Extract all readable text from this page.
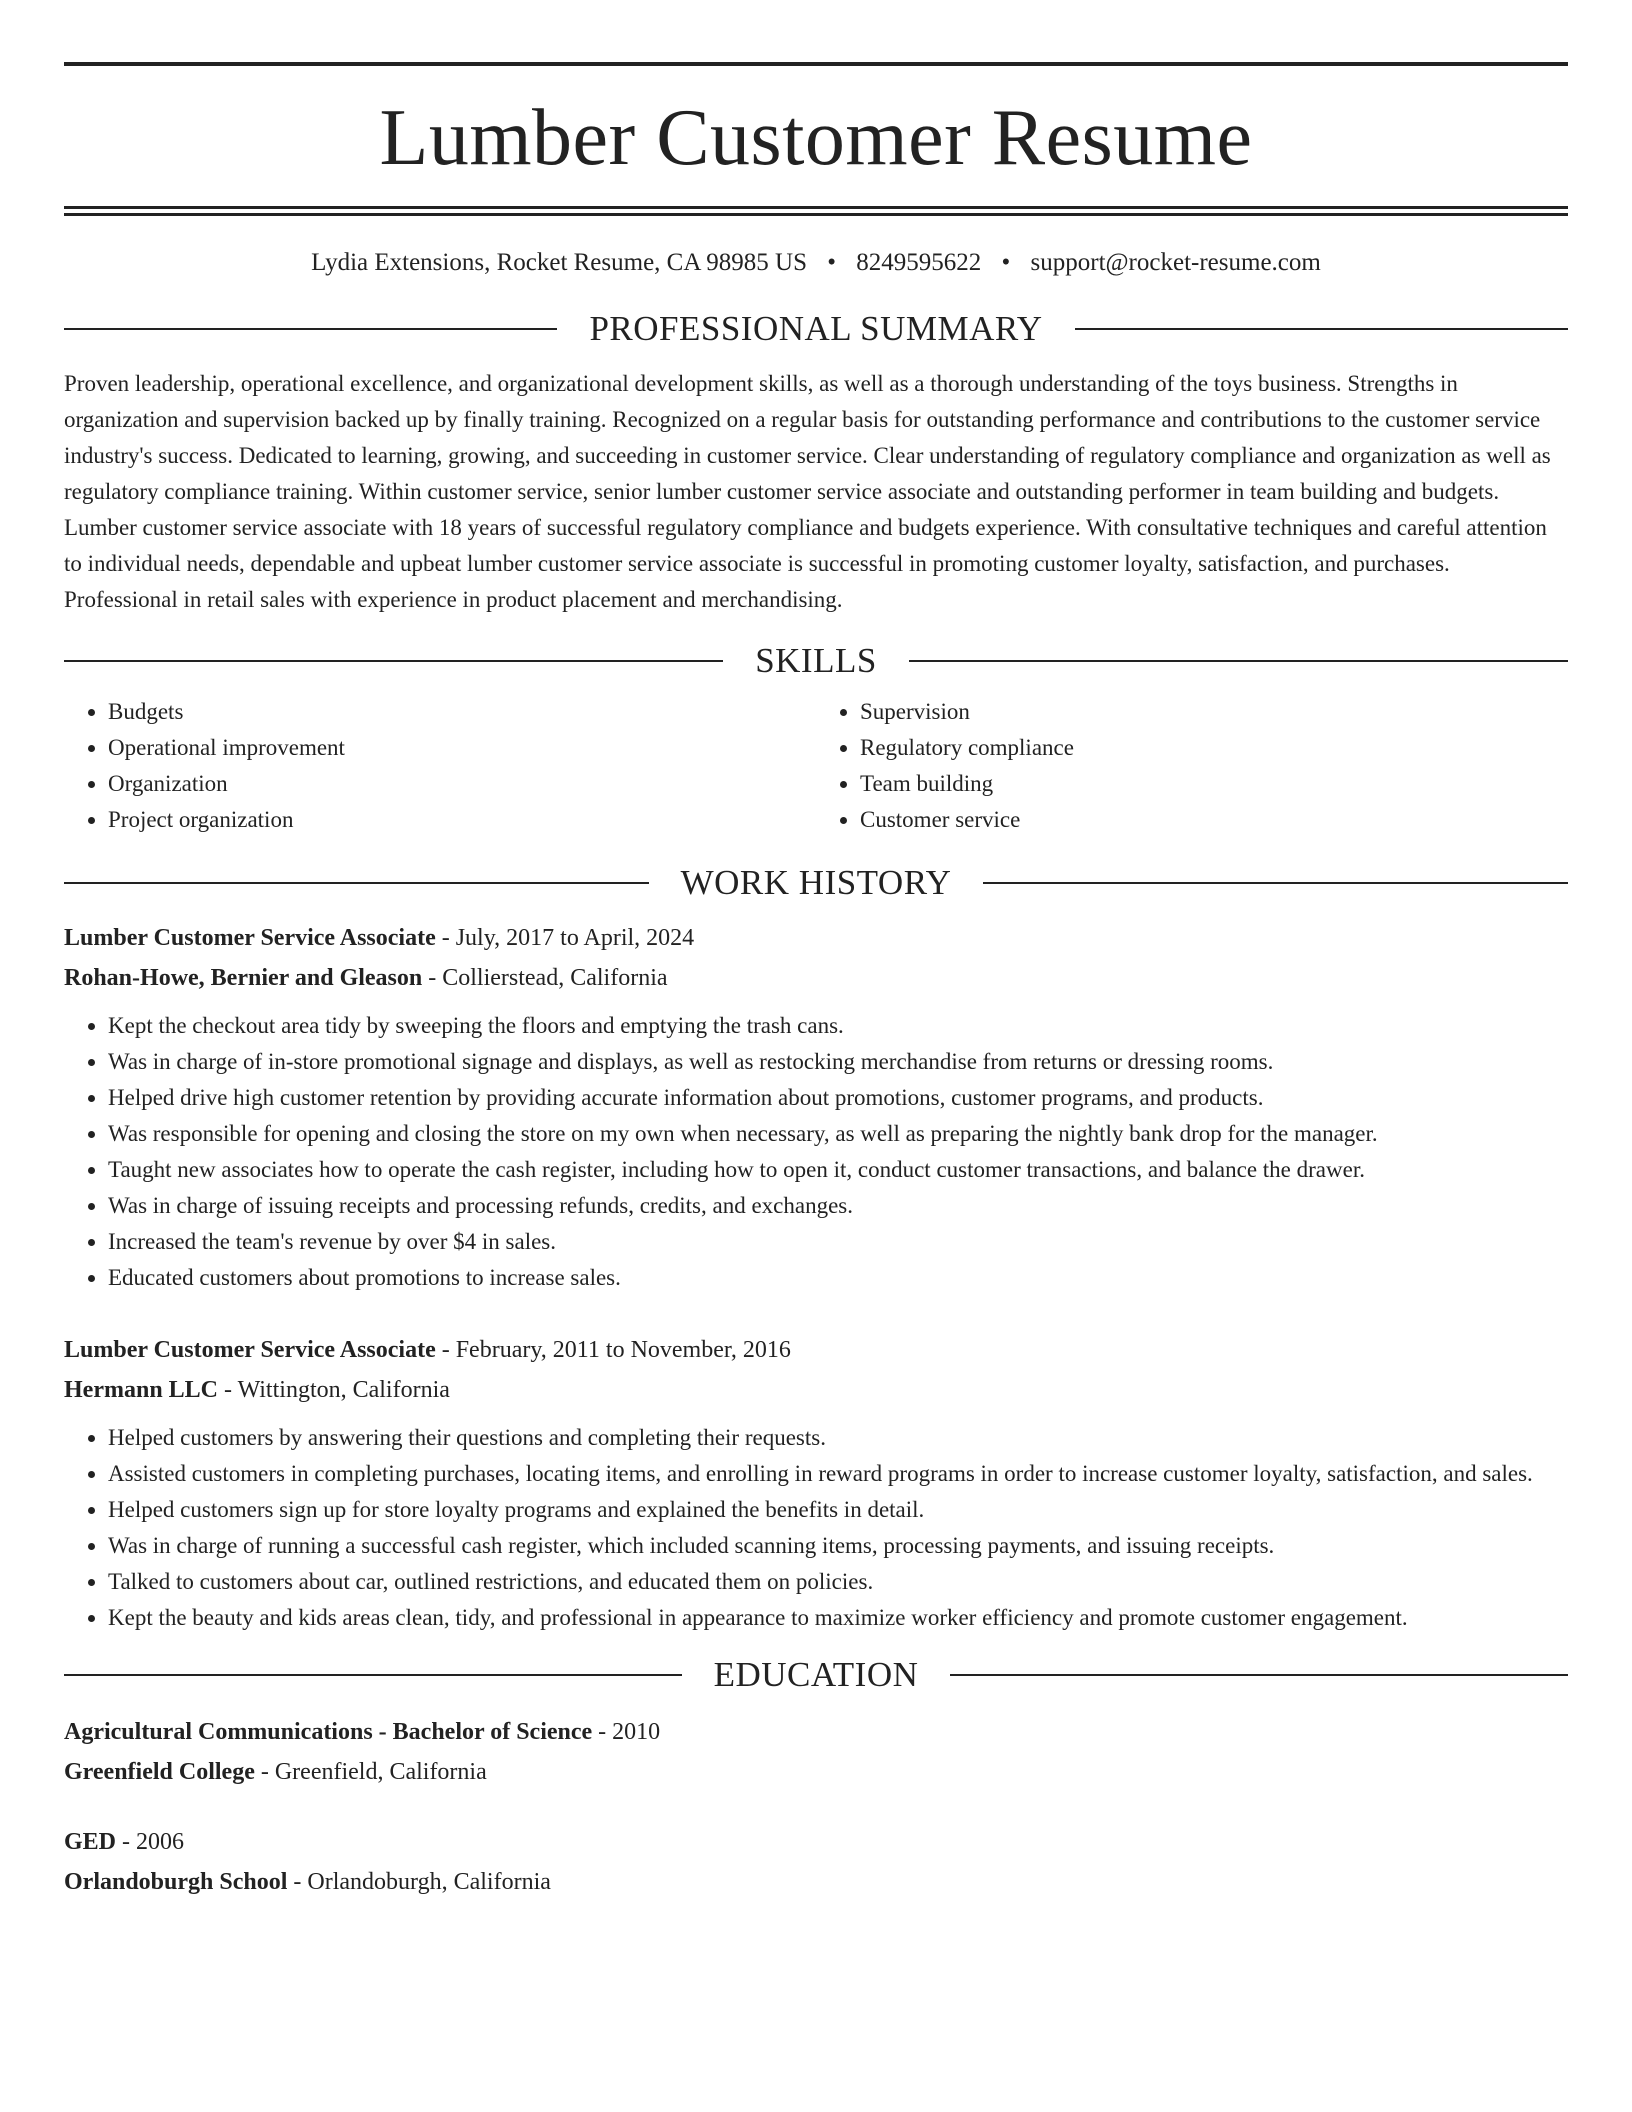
Lumber Customer Resume
Lydia Extensions, Rocket Resume, CA 98985 US • 8249595622 • support@rocket-resume.com
PROFESSIONAL SUMMARY

Proven leadership, operational excellence, and organizational development skills, as well as a thorough understanding of the toys business. Strengths in organization and supervision backed up by finally training. Recognized on a regular basis for outstanding performance and contributions to the customer service industry's success. Dedicated to learning, growing, and succeeding in customer service. Clear understanding of regulatory compliance and organization as well as regulatory compliance training. Within customer service, senior lumber customer service associate and outstanding performer in team building and budgets. Lumber customer service associate with 18 years of successful regulatory compliance and budgets experience. With consultative techniques and careful attention to individual needs, dependable and upbeat lumber customer service associate is successful in promoting customer loyalty, satisfaction, and purchases. Professional in retail sales with experience in product placement and merchandising.

SKILLS
• Budgets
• Operational improvement
• Organization
• Project organization
• Supervision
• Regulatory compliance
• Team building
• Customer service
WORK HISTORY
Lumber Customer Service Associate - July, 2017 to April, 2024
Rohan-Howe, Bernier and Gleason - Collierstead, California
• Kept the checkout area tidy by sweeping the floors and emptying the trash cans.
• Was in charge of in-store promotional signage and displays, as well as restocking merchandise from returns or dressing rooms.
• Helped drive high customer retention by providing accurate information about promotions, customer programs, and products.
• Was responsible for opening and closing the store on my own when necessary, as well as preparing the nightly bank drop for the manager.
• Taught new associates how to operate the cash register, including how to open it, conduct customer transactions, and balance the drawer.
• Was in charge of issuing receipts and processing refunds, credits, and exchanges.
• Increased the team's revenue by over $4 in sales.
• Educated customers about promotions to increase sales.
Lumber Customer Service Associate - February, 2011 to November, 2016
Hermann LLC - Wittington, California
• Helped customers by answering their questions and completing their requests.
• Assisted customers in completing purchases, locating items, and enrolling in reward programs in order to increase customer loyalty, satisfaction, and sales.
• Helped customers sign up for store loyalty programs and explained the benefits in detail.
• Was in charge of running a successful cash register, which included scanning items, processing payments, and issuing receipts.
• Talked to customers about car, outlined restrictions, and educated them on policies.
• Kept the beauty and kids areas clean, tidy, and professional in appearance to maximize worker efficiency and promote customer engagement.
EDUCATION
Agricultural Communications - Bachelor of Science - 2010
Greenfield College - Greenfield, California
GED - 2006
Orlandoburgh School - Orlandoburgh, California
